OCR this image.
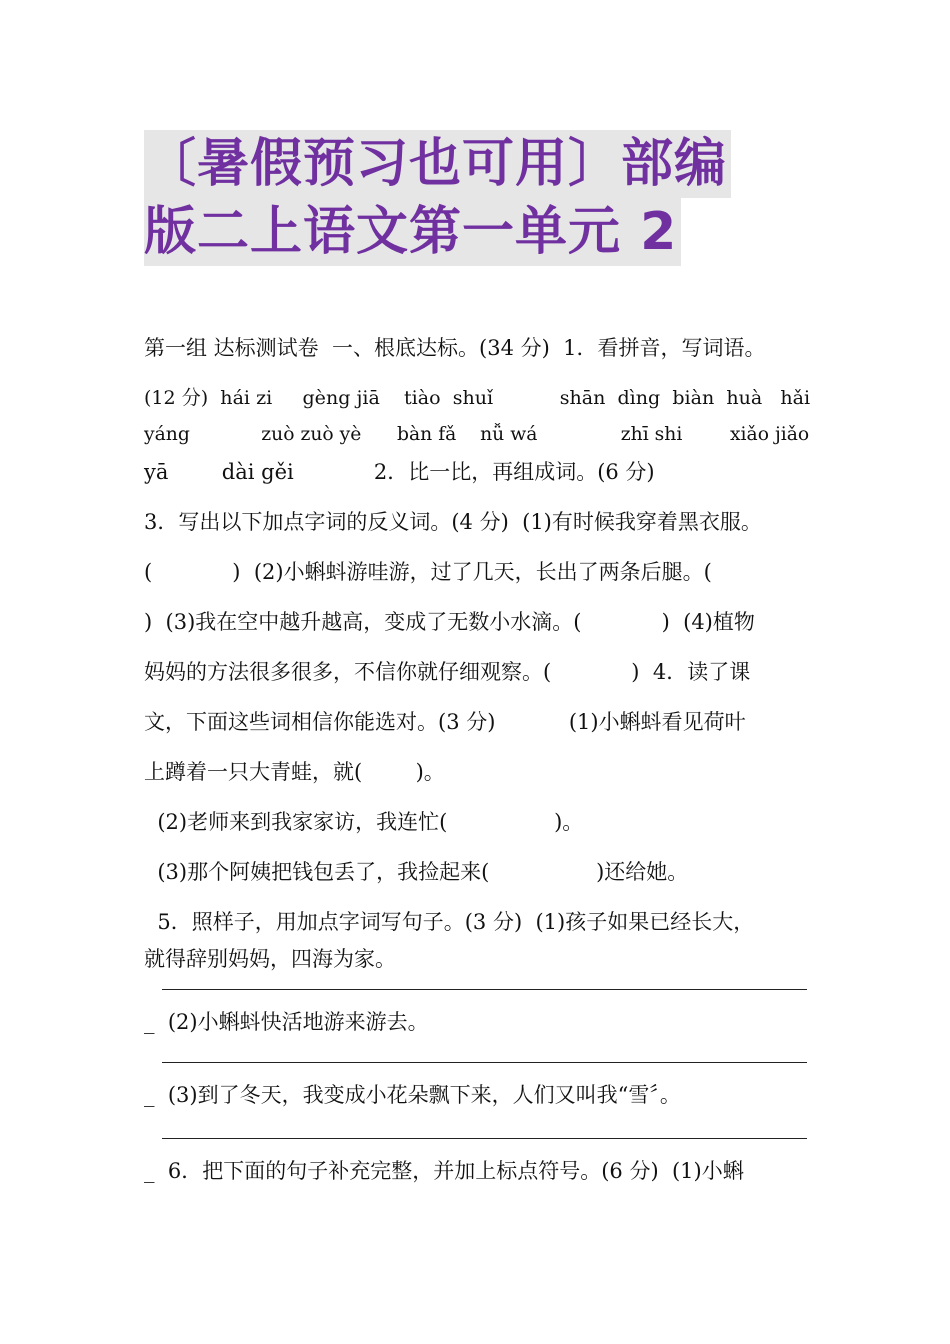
〔暑假预习也可用〕部编
版二上语文第一单元 2
第一组 达标测试卷  一、根底达标。(34 分)  1．看拼音，写词语。
(12 分)  hái zi     gèng jiā    tiào  shuǐ           shān  dìng  biàn  huà   hǎi
yáng            zuò zuò yè      bàn fǎ    nǚ wá              zhī shi        xiǎo jiǎo
yā        dài gěi            2．比一比，再组成词。(6 分)
3．写出以下加点字词的反义词。(4 分)  (1)有时候我穿着黑衣服。
(            )  (2)小蝌蚪游哇游，过了几天，长出了两条后腿。(
)  (3)我在空中越升越高，变成了无数小水滴。(            )  (4)植物
妈妈的方法很多很多，不信你就仔细观察。(            )  4．读了课
文，下面这些词相信你能选对。(3 分)           (1)小蝌蚪看见荷叶
上蹲着一只大青蛙，就(        )。
(2)老师来到我家家访，我连忙(                )。
(3)那个阿姨把钱包丢了，我捡起来(                )还给她。
5．照样子，用加点字词写句子。(3 分)  (1)孩子如果已经长大，
就得辞别妈妈，四海为家。
_  (2)小蝌蚪快活地游来游去。
_  (3)到了冬天，我变成小花朵飘下来，人们又叫我“雪〞。
_  6．把下面的句子补充完整，并加上标点符号。(6 分)  (1)小蝌
